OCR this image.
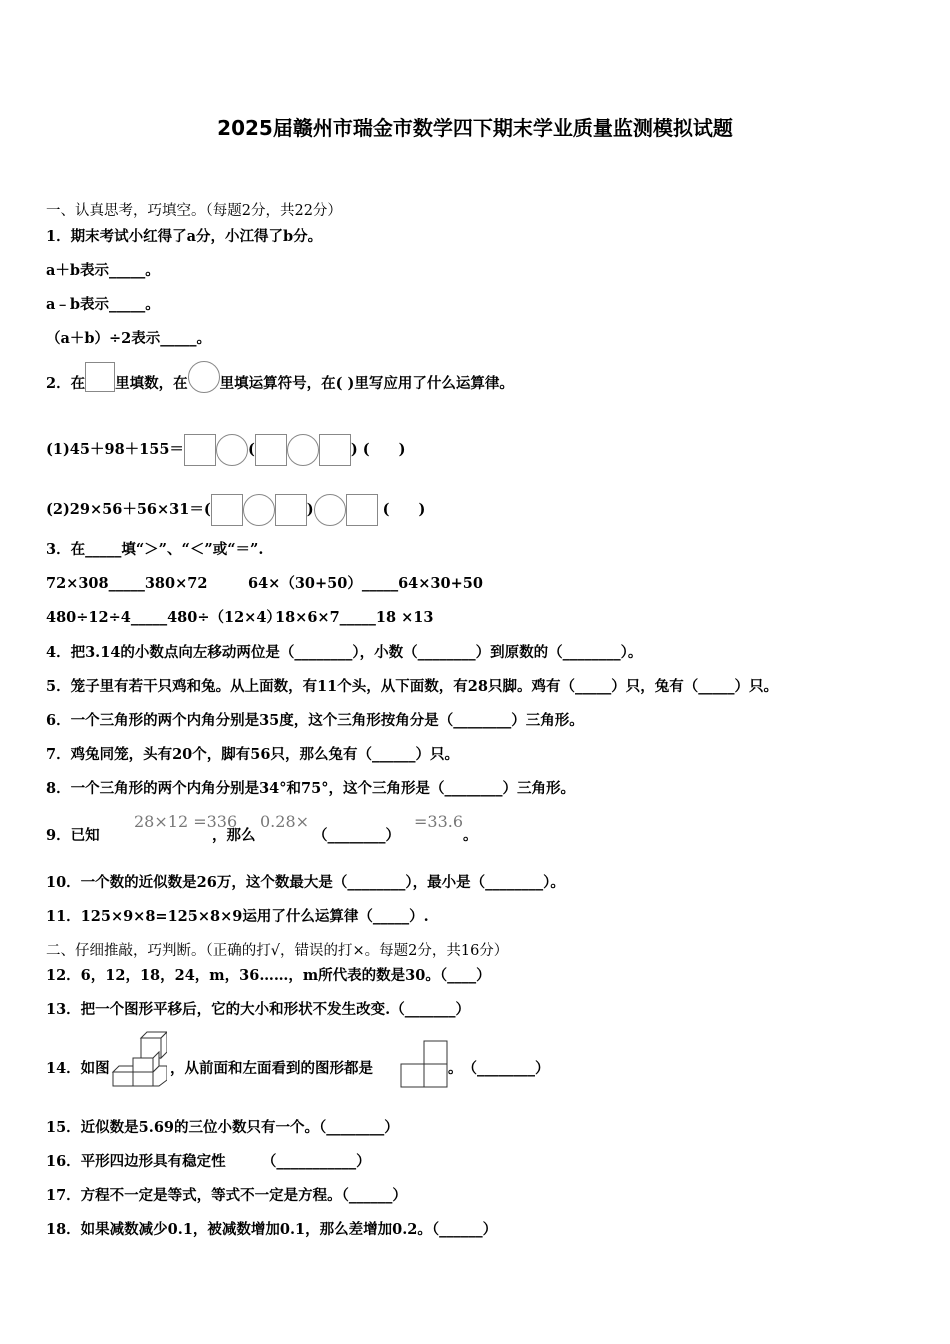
2025届赣州市瑞金市数学四下期末学业质量监测模拟试题
一、认真思考，巧填空。（每题2分，共22分）
1．期末考试小红得了a分，小江得了b分。
a＋b表示_____。
a﹣b表示_____。
（a＋b）÷2表示_____。
2．在 里填数，在 里填运算符号，在( )里写应用了什么运算律。
(1)45＋98＋155＝	(	) (　　)
(2)29×56＋56×31＝(	)	(　　)
3．在_____填“＞”、“＜”或“＝”.
72×308_____380×72	64×（30+50）_____64×30+50
480÷12÷4_____480÷（12×4）
18×6×7_____18 ×13
4．把3.14的小数点向左移动两位是（________），小数（________）到原数的（________）。
5．笼子里有若干只鸡和兔。从上面数，有11个头，从下面数，有28只脚。鸡有（_____）只，兔有（_____）只。
6．一个三角形的两个内角分别是35度，这个三角形按角分是（________）三角形。
7．鸡兔同笼，头有20个，脚有56只，那么兔有（______）只。
8．一个三角形的两个内角分别是34°和75°，这个三角形是（________）三角形。
9．已知
28×12 =336
，那么
0.28×
（________）
=33.6
。
10．一个数的近似数是26万，这个数最大是（________），最小是（________）。
11．125×9×8=125×8×9运用了什么运算律（_____）.
二、仔细推敲，巧判断。（正确的打√，错误的打×。每题2分，共16分）
12．6，12，18，24，m，36……，m所代表的数是30。（____）
13．把一个图形平移后，它的大小和形状不发生改变.（_______）
14．如图	，从前面和左面看到的图形都是	。　（________）
15．近似数是5.69的三位小数只有一个。（________）
16．平形四边形具有稳定性　　　（___________）
17．方程不一定是等式，等式不一定是方程。（______）
18．如果减数减少0.1，被减数增加0.1，那么差增加0.2。（______）
